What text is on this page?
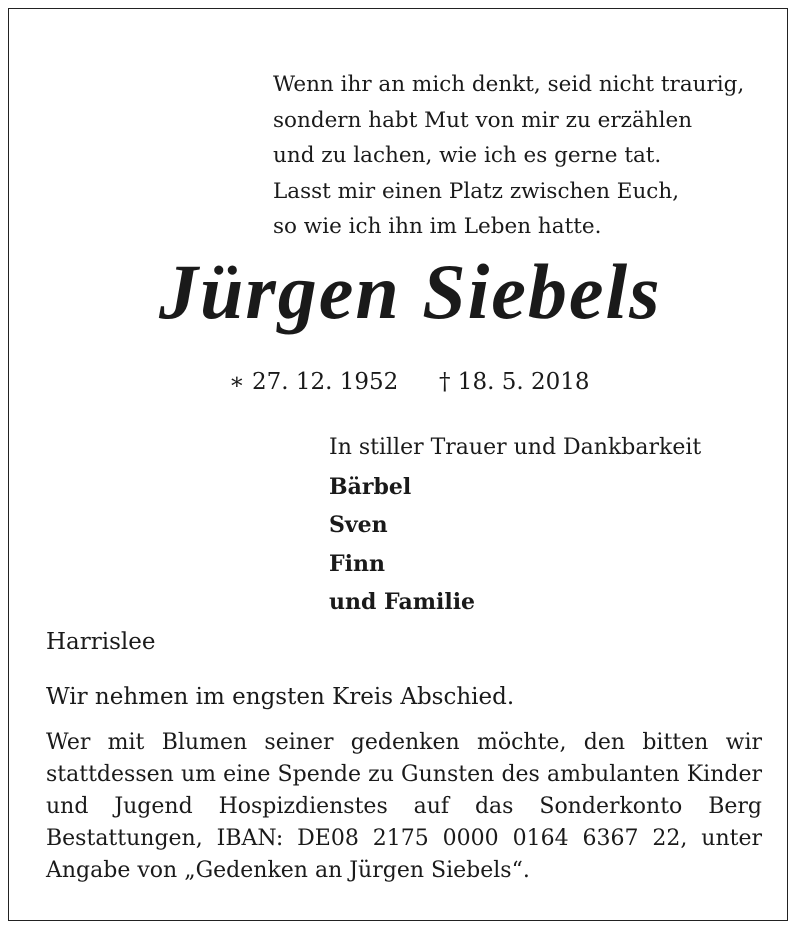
Wenn ihr an mich denkt, seid nicht traurig,
sondern habt Mut von mir zu erzählen
und zu lachen, wie ich es gerne tat.
Lasst mir einen Platz zwischen Euch,
so wie ich ihn im Leben hatte.
Jürgen Siebels
∗ 27. 12. 1952 † 18. 5. 2018
In stiller Trauer und Dankbarkeit
Bärbel
Sven
Finn
und Familie
Harrislee
Wir nehmen im engsten Kreis Abschied.
Wer mit Blumen seiner gedenken möchte, den bitten wir stattdessen um eine Spende zu Gunsten des ambulanten Kinder und Jugend Hospizdienstes auf das Sonderkonto Berg Bestattungen, IBAN: DE08 2175 0000 0164 6367 22, unter Angabe von „Gedenken an Jürgen Siebels“.
